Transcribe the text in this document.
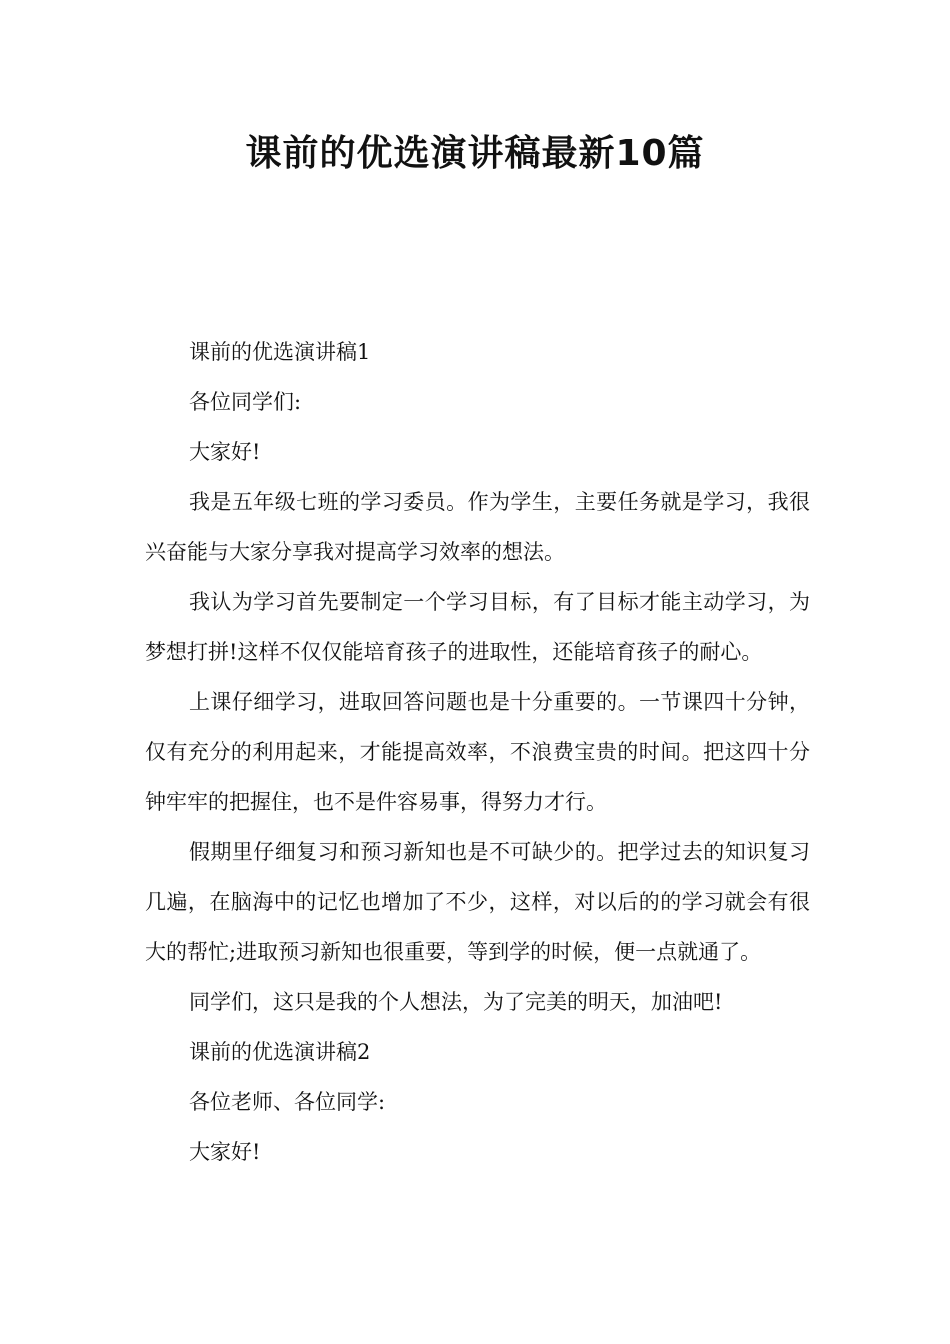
课前的优选演讲稿最新10篇

课前的优选演讲稿1

各位同学们:

大家好!

我是五年级七班的学习委员。作为学生，主要任务就是学习，我很兴奋能与大家分享我对提高学习效率的想法。

我认为学习首先要制定一个学习目标，有了目标才能主动学习，为梦想打拼!这样不仅仅能培育孩子的进取性，还能培育孩子的耐心。

上课仔细学习，进取回答问题也是十分重要的。一节课四十分钟，仅有充分的利用起来，才能提高效率，不浪费宝贵的时间。把这四十分钟牢牢的把握住，也不是件容易事，得努力才行。

假期里仔细复习和预习新知也是不可缺少的。把学过去的知识复习几遍，在脑海中的记忆也增加了不少，这样，对以后的的学习就会有很大的帮忙;进取预习新知也很重要，等到学的时候，便一点就通了。

同学们，这只是我的个人想法，为了完美的明天，加油吧!

课前的优选演讲稿2

各位老师、各位同学:

大家好!
